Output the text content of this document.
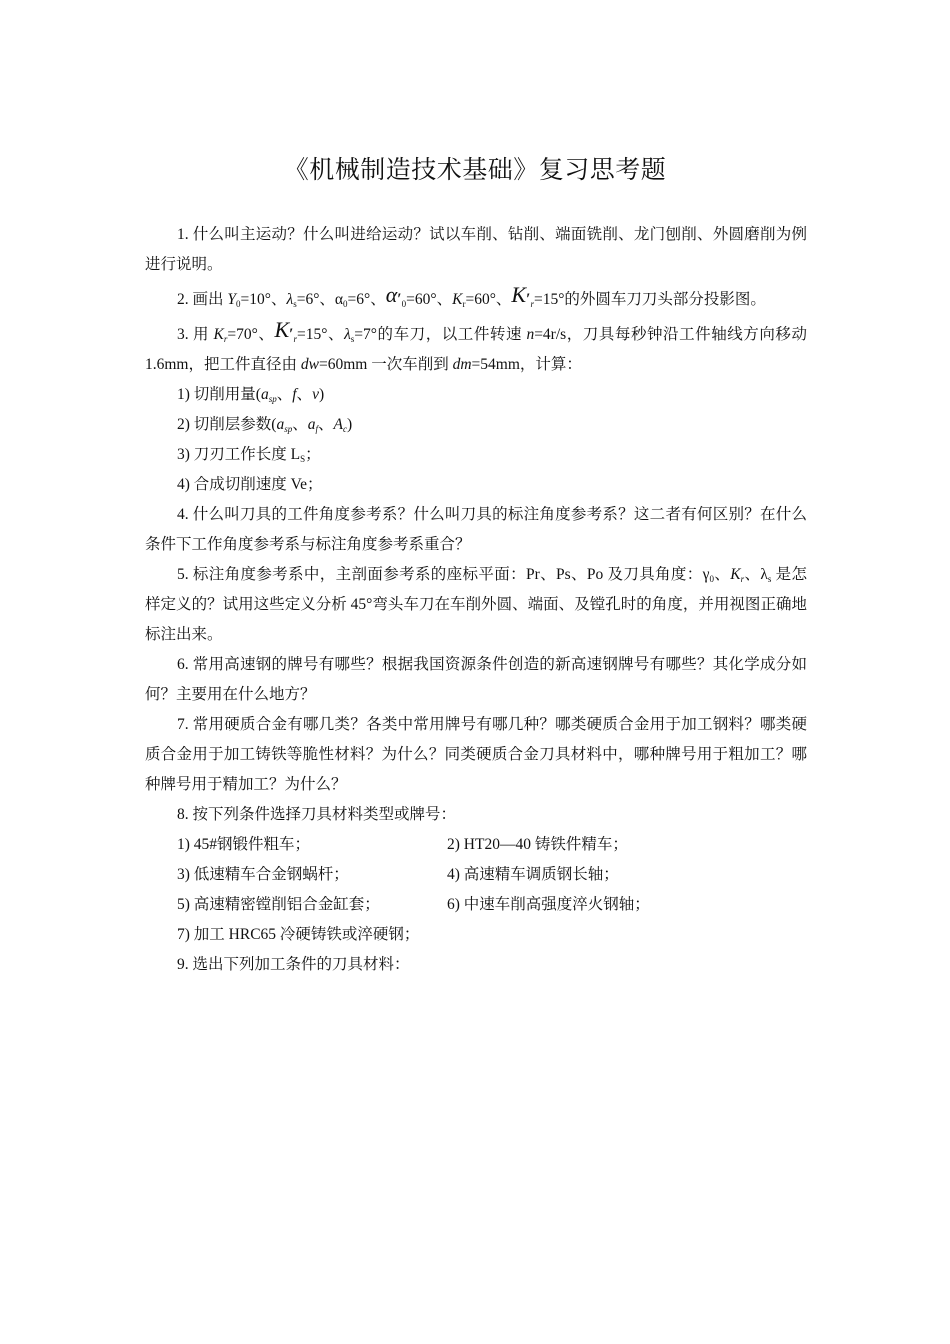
《机械制造技术基础》复习思考题

1. 什么叫主运动？什么叫进给运动？试以车削、钻削、端面铣削、龙门刨削、外圆磨削为例进行说明。

2. 画出 $Y_0=10^\circ$、$\lambda_s=6^\circ$、$\alpha_0=6^\circ$、$\alpha'_0=60^\circ$、$K_r=60^\circ$、$K'_r=15^\circ$的外圆车刀刀头部分投影图。

3. 用 $K_r=70^\circ$、$K'_r=15^\circ$、$\lambda_s=7^\circ$的车刀，以工件转速 n=4r/s，刀具每秒钟沿工件轴线方向移动 1.6mm，把工件直径由 dw=60mm 一次车削到 dm=54mm，计算：

1) 切削用量($a_{sp}$、f、v)

2) 切削层参数($a_{sp}$、$a_f$、$A_c$)

3) 刀刃工作长度 $L_S$；

4) 合成切削速度 Ve；

4. 什么叫刀具的工件角度参考系？什么叫刀具的标注角度参考系？这二者有何区别？在什么条件下工作角度参考系与标注角度参考系重合？

5. 标注角度参考系中，主剖面参考系的座标平面：Pr、Ps、Po 及刀具角度：$\gamma_0$、$K_r$、$\lambda_s$ 是怎样定义的？试用这些定义分析 45°弯头车刀在车削外圆、端面、及镗孔时的角度，并用视图正确地标注出来。

6. 常用高速钢的牌号有哪些？根据我国资源条件创造的新高速钢牌号有哪些？其化学成分如何？主要用在什么地方？

7. 常用硬质合金有哪几类？各类中常用牌号有哪几种？哪类硬质合金用于加工钢料？哪类硬质合金用于加工铸铁等脆性材料？为什么？同类硬质合金刀具材料中，哪种牌号用于粗加工？哪种牌号用于精加工？为什么？

8. 按下列条件选择刀具材料类型或牌号：

1) 45#钢锻件粗车；	2) HT20—40 铸铁件精车；
3) 低速精车合金钢蜗杆；	4) 高速精车调质钢长轴；
5) 高速精密镗削铝合金缸套；	6) 中速车削高强度淬火钢轴；

7) 加工 HRC65 冷硬铸铁或淬硬钢；

9. 选出下列加工条件的刀具材料：
